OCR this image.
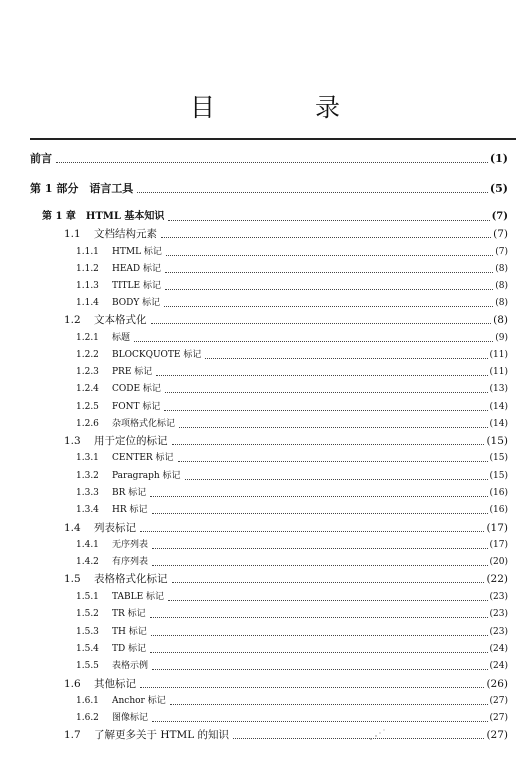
目 录
前言	(1)
第 1 部分　语言工具	(5)
第 1 章　HTML 基本知识	(7)
1.1	文档结构元素	(7)
1.1.1	HTML 标记	(7)
1.1.2	HEAD 标记	(8)
1.1.3	TITLE 标记	(8)
1.1.4	BODY 标记	(8)
1.2	文本格式化	(8)
1.2.1	标题	(9)
1.2.2	BLOCKQUOTE 标记	(11)
1.2.3	PRE 标记	(11)
1.2.4	CODE 标记	(13)
1.2.5	FONT 标记	(14)
1.2.6	杂项格式化标记	(14)
1.3	用于定位的标记	(15)
1.3.1	CENTER 标记	(15)
1.3.2	Paragraph 标记	(15)
1.3.3	BR 标记	(16)
1.3.4	HR 标记	(16)
1.4	列表标记	(17)
1.4.1	无序列表	(17)
1.4.2	有序列表	(20)
1.5	表格格式化标记	(22)
1.5.1	TABLE 标记	(23)
1.5.2	TR 标记	(23)
1.5.3	TH 标记	(23)
1.5.4	TD 标记	(24)
1.5.5	表格示例	(24)
1.6	其他标记	(26)
1.6.1	Anchor 标记	(27)
1.6.2	图像标记	(27)
1.7	了解更多关于 HTML 的知识	(27)
